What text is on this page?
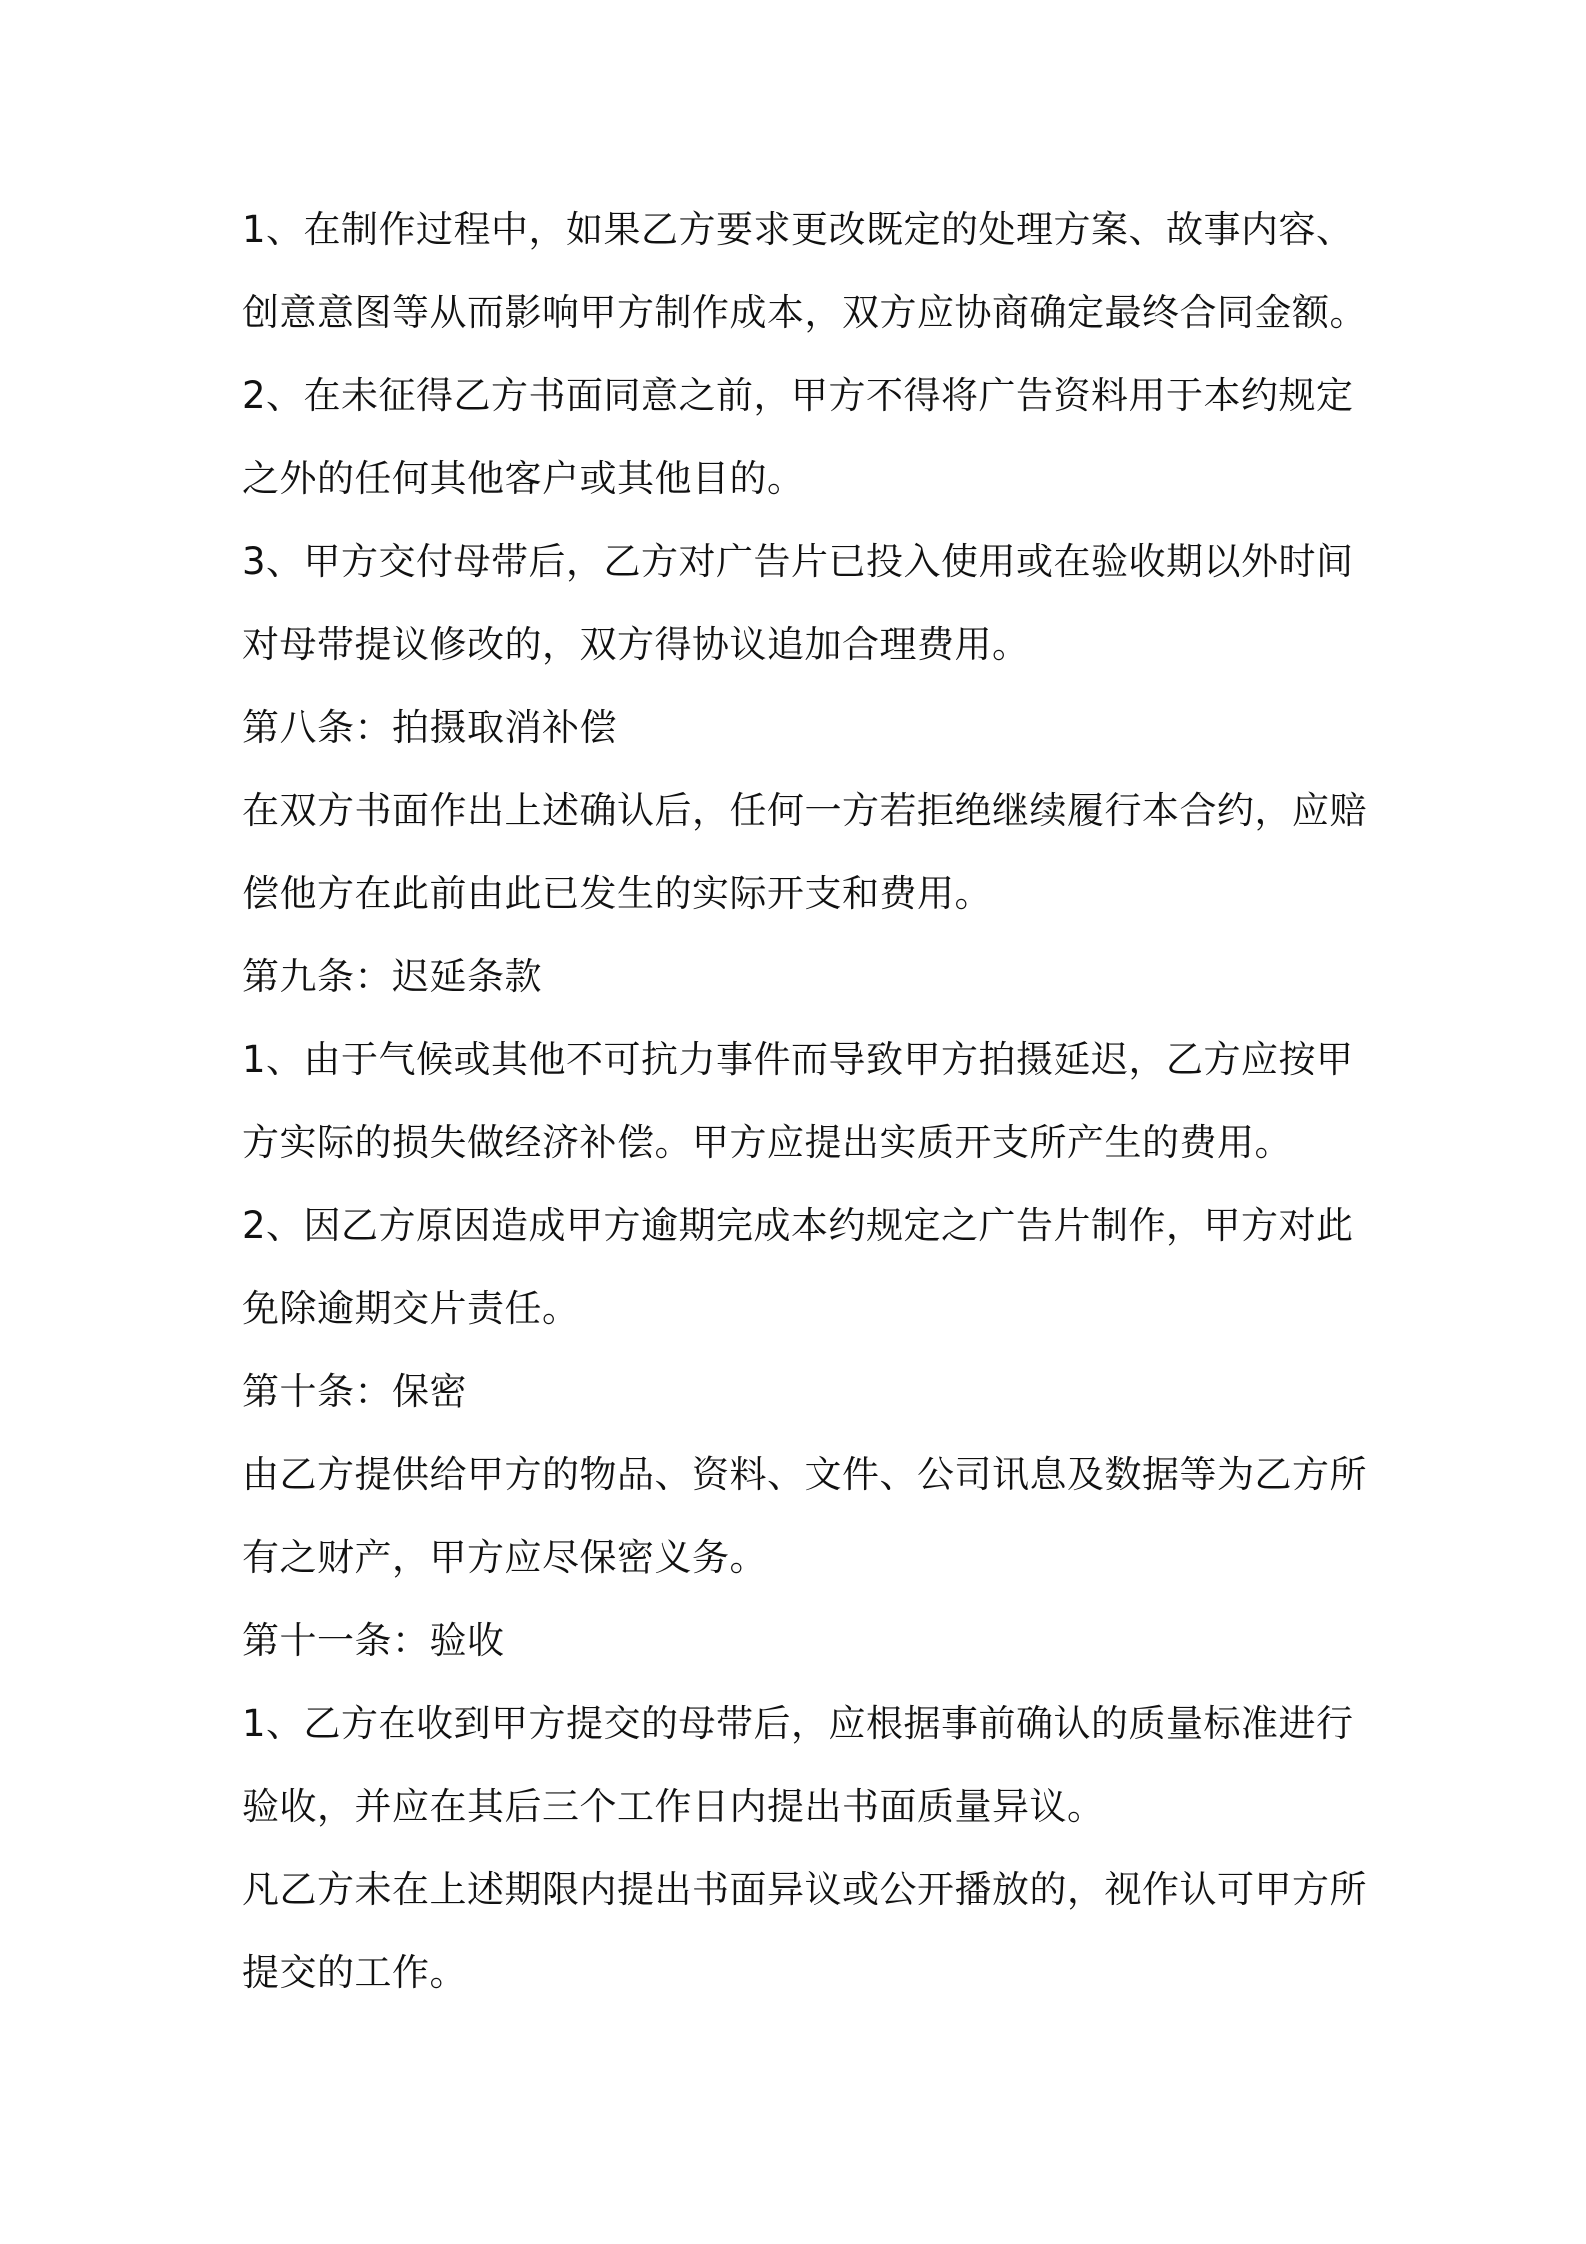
1、在制作过程中，如果乙方要求更改既定的处理方案、故事内容、
创意意图等从而影响甲方制作成本，双方应协商确定最终合同金额。
2、在未征得乙方书面同意之前，甲方不得将广告资料用于本约规定
之外的任何其他客户或其他目的。
3、甲方交付母带后，乙方对广告片已投入使用或在验收期以外时间
对母带提议修改的，双方得协议追加合理费用。
第八条：拍摄取消补偿
在双方书面作出上述确认后，任何一方若拒绝继续履行本合约，应赔
偿他方在此前由此已发生的实际开支和费用。
第九条：迟延条款
1、由于气候或其他不可抗力事件而导致甲方拍摄延迟，乙方应按甲
方实际的损失做经济补偿。甲方应提出实质开支所产生的费用。
2、因乙方原因造成甲方逾期完成本约规定之广告片制作，甲方对此
免除逾期交片责任。
第十条：保密
由乙方提供给甲方的物品、资料、文件、公司讯息及数据等为乙方所
有之财产，甲方应尽保密义务。
第十一条：验收
1、乙方在收到甲方提交的母带后，应根据事前确认的质量标准进行
验收，并应在其后三个工作日内提出书面质量异议。
凡乙方未在上述期限内提出书面异议或公开播放的，视作认可甲方所
提交的工作。
